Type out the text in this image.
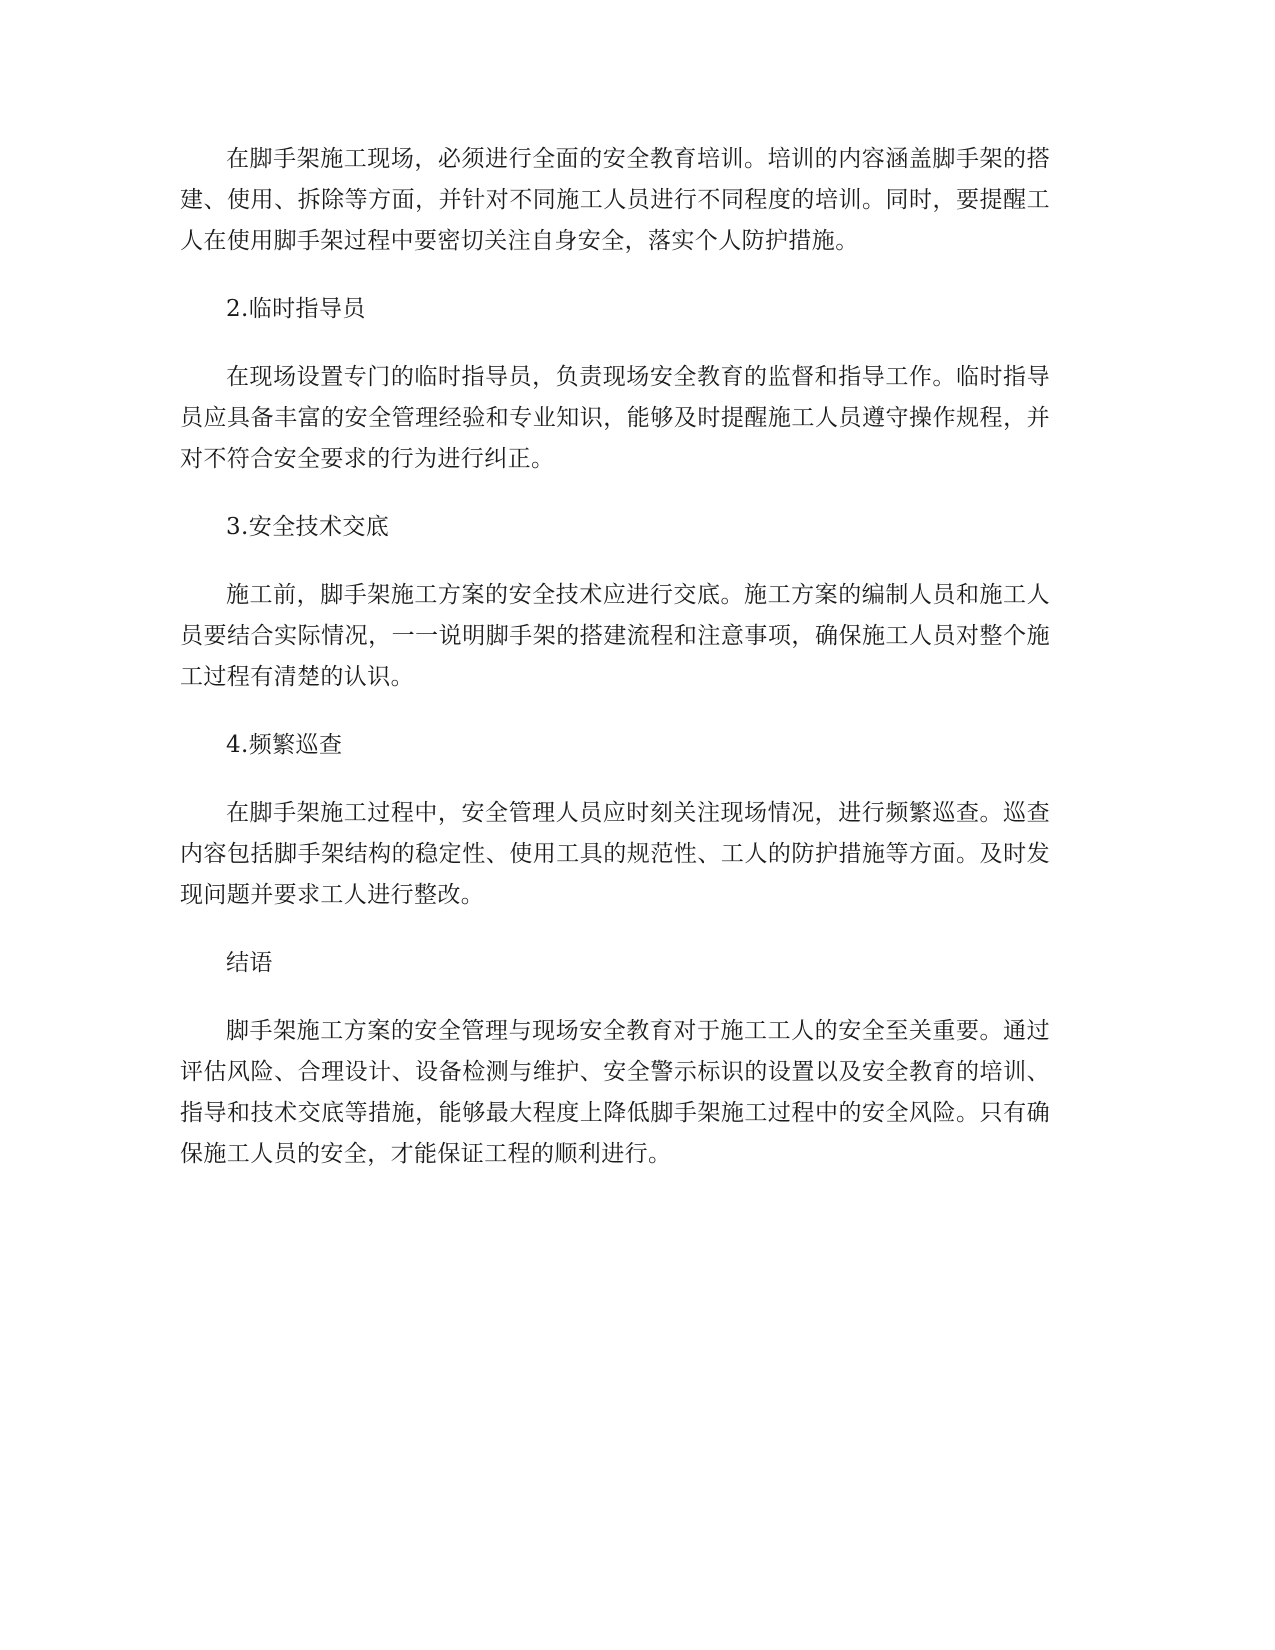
在脚手架施工现场，必须进行全面的安全教育培训。培训的内容涵盖脚手架的搭建、使用、拆除等方面，并针对不同施工人员进行不同程度的培训。同时，要提醒工人在使用脚手架过程中要密切关注自身安全，落实个人防护措施。

2.临时指导员

在现场设置专门的临时指导员，负责现场安全教育的监督和指导工作。临时指导员应具备丰富的安全管理经验和专业知识，能够及时提醒施工人员遵守操作规程，并对不符合安全要求的行为进行纠正。

3.安全技术交底

施工前，脚手架施工方案的安全技术应进行交底。施工方案的编制人员和施工人员要结合实际情况，一一说明脚手架的搭建流程和注意事项，确保施工人员对整个施工过程有清楚的认识。

4.频繁巡查

在脚手架施工过程中，安全管理人员应时刻关注现场情况，进行频繁巡查。巡查内容包括脚手架结构的稳定性、使用工具的规范性、工人的防护措施等方面。及时发现问题并要求工人进行整改。

结语

脚手架施工方案的安全管理与现场安全教育对于施工工人的安全至关重要。通过评估风险、合理设计、设备检测与维护、安全警示标识的设置以及安全教育的培训、指导和技术交底等措施，能够最大程度上降低脚手架施工过程中的安全风险。只有确保施工人员的安全，才能保证工程的顺利进行。
